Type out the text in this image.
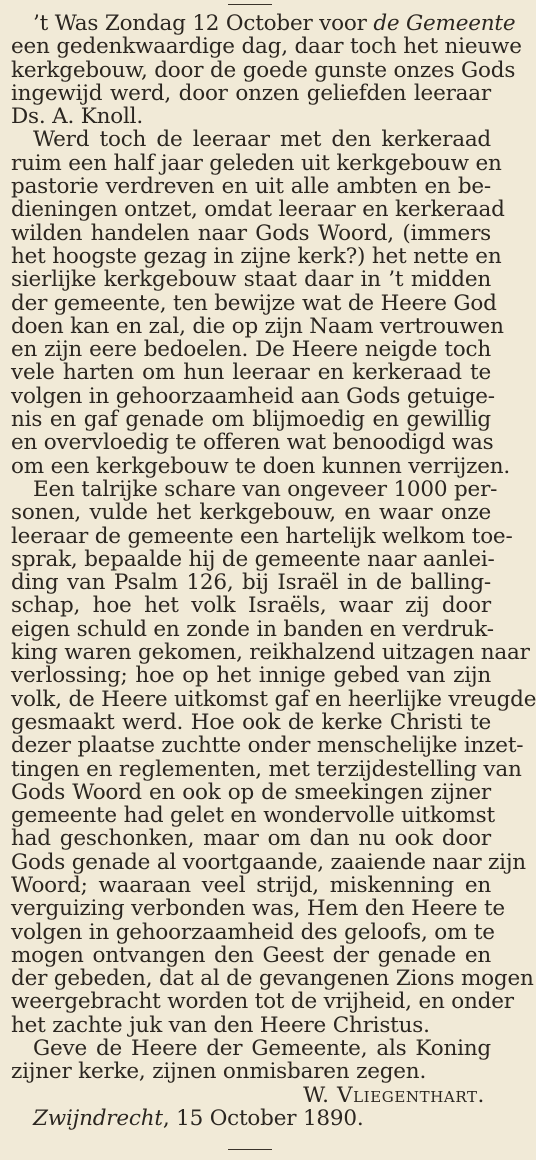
’t Was Zondag 12 October voor de Gemeente
een gedenkwaardige dag, daar toch het nieuwe
kerkgebouw, door de goede gunste onzes Gods
ingewijd werd, door onzen geliefden leeraar
Ds. A. Knoll.
Werd toch de leeraar met den kerkeraad
ruim een half jaar geleden uit kerkgebouw en
pastorie verdreven en uit alle ambten en be-
dieningen ontzet, omdat leeraar en kerkeraad
wilden handelen naar Gods Woord, (immers
het hoogste gezag in zijne kerk?) het nette en
sierlijke kerkgebouw staat daar in ’t midden
der gemeente, ten bewijze wat de Heere God
doen kan en zal, die op zijn Naam vertrouwen
en zijn eere bedoelen. De Heere neigde toch
vele harten om hun leeraar en kerkeraad te
volgen in gehoorzaamheid aan Gods getuige-
nis en gaf genade om blijmoedig en gewillig
en overvloedig te offeren wat benoodigd was
om een kerkgebouw te doen kunnen verrijzen.
Een talrijke schare van ongeveer 1000 per-
sonen, vulde het kerkgebouw, en waar onze
leeraar de gemeente een hartelijk welkom toe-
sprak, bepaalde hij de gemeente naar aanlei-
ding van Psalm 126, bij Israël in de balling-
schap, hoe het volk Israëls, waar zij door
eigen schuld en zonde in banden en verdruk-
king waren gekomen, reikhalzend uitzagen naar
verlossing; hoe op het innige gebed van zijn
volk, de Heere uitkomst gaf en heerlijke vreugde
gesmaakt werd. Hoe ook de kerke Christi te
dezer plaatse zuchtte onder menschelijke inzet-
tingen en reglementen, met terzijdestelling van
Gods Woord en ook op de smeekingen zijner
gemeente had gelet en wondervolle uitkomst
had geschonken, maar om dan nu ook door
Gods genade al voortgaande, zaaiende naar zijn
Woord; waaraan veel strijd, miskenning en
verguizing verbonden was, Hem den Heere te
volgen in gehoorzaamheid des geloofs, om te
mogen ontvangen den Geest der genade en
der gebeden, dat al de gevangenen Zions mogen
weergebracht worden tot de vrijheid, en onder
het zachte juk van den Heere Christus.
Geve de Heere der Gemeente, als Koning
zijner kerke, zijnen onmisbaren zegen.
W. Vliegenthart.
Zwijndrecht, 15 October 1890.
